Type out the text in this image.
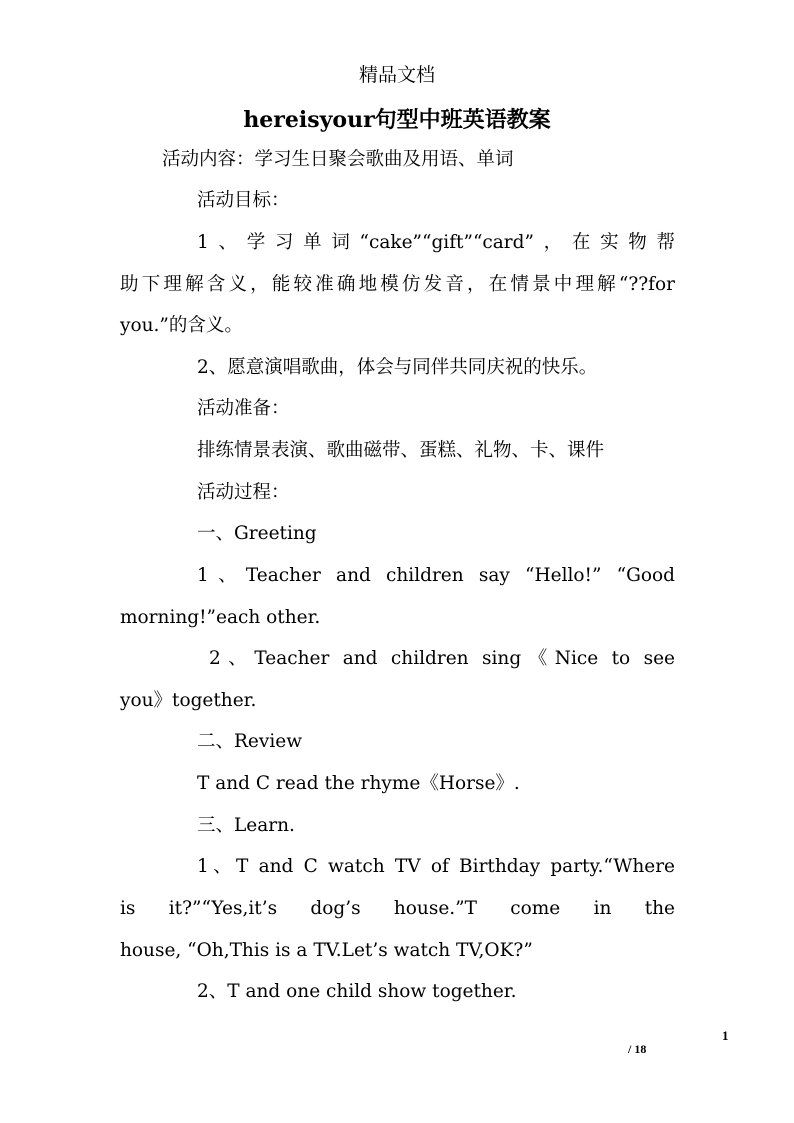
精品文档
hereisyour句型中班英语教案
活动内容：学习生日聚会歌曲及用语、单词
活动目标：
1、学习单词“cake”“gift”“card”，在实物帮
助下理解含义，能较准确地模仿发音，在情景中理解“??for
you.”的含义。
2、愿意演唱歌曲，体会与同伴共同庆祝的快乐。
活动准备：
排练情景表演、歌曲磁带、蛋糕、礼物、卡、课件
活动过程：
一、Greeting
1、Teacher and children say “Hello!” “Good
morning!”each other.
2、Teacher and children sing《Nice to see
you》together.
二、Review
T and C read the rhyme《Horse》.
三、Learn.
1、T and C watch TV of Birthday party.“Where
is it?”“Yes,it’s dog’s house.”T come in the
house, “Oh,This is a TV.Let’s watch TV,OK?”
2、T and one child show together.
1
/ 18
